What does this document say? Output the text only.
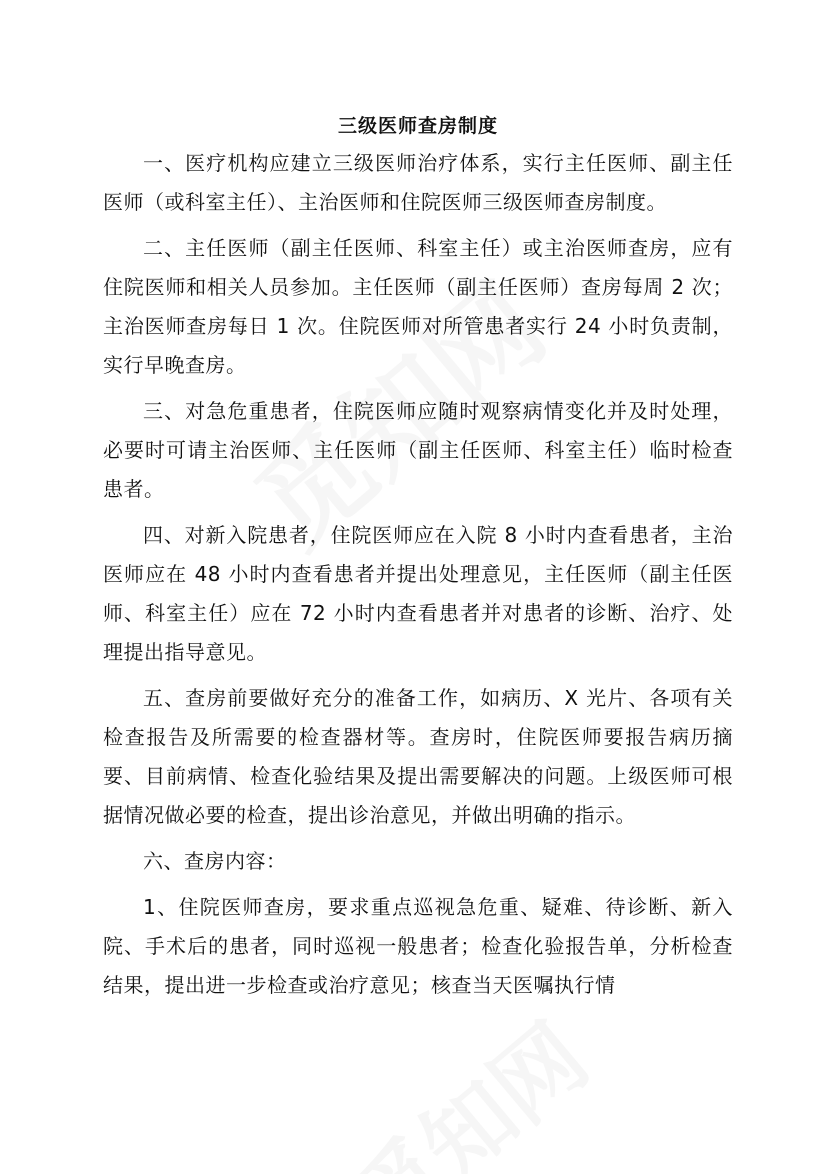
三级医师查房制度

一、医疗机构应建立三级医师治疗体系，实行主任医师、副主任医师（或科室主任）、主治医师和住院医师三级医师查房制度。

二、主任医师（副主任医师、科室主任）或主治医师查房，应有住院医师和相关人员参加。主任医师（副主任医师）查房每周 2 次；主治医师查房每日 1 次。住院医师对所管患者实行 24 小时负责制，实行早晚查房。

三、对急危重患者，住院医师应随时观察病情变化并及时处理，必要时可请主治医师、主任医师（副主任医师、科室主任）临时检查患者。

四、对新入院患者，住院医师应在入院 8 小时内查看患者，主治医师应在 48 小时内查看患者并提出处理意见，主任医师（副主任医师、科室主任）应在 72 小时内查看患者并对患者的诊断、治疗、处理提出指导意见。

五、查房前要做好充分的准备工作，如病历、X 光片、各项有关检查报告及所需要的检查器材等。查房时，住院医师要报告病历摘要、目前病情、检查化验结果及提出需要解决的问题。上级医师可根据情况做必要的检查，提出诊治意见，并做出明确的指示。

六、查房内容：

1、住院医师查房，要求重点巡视急危重、疑难、待诊断、新入院、手术后的患者，同时巡视一般患者；检查化验报告单，分析检查结果，提出进一步检查或治疗意见；核查当天医嘱执行情
